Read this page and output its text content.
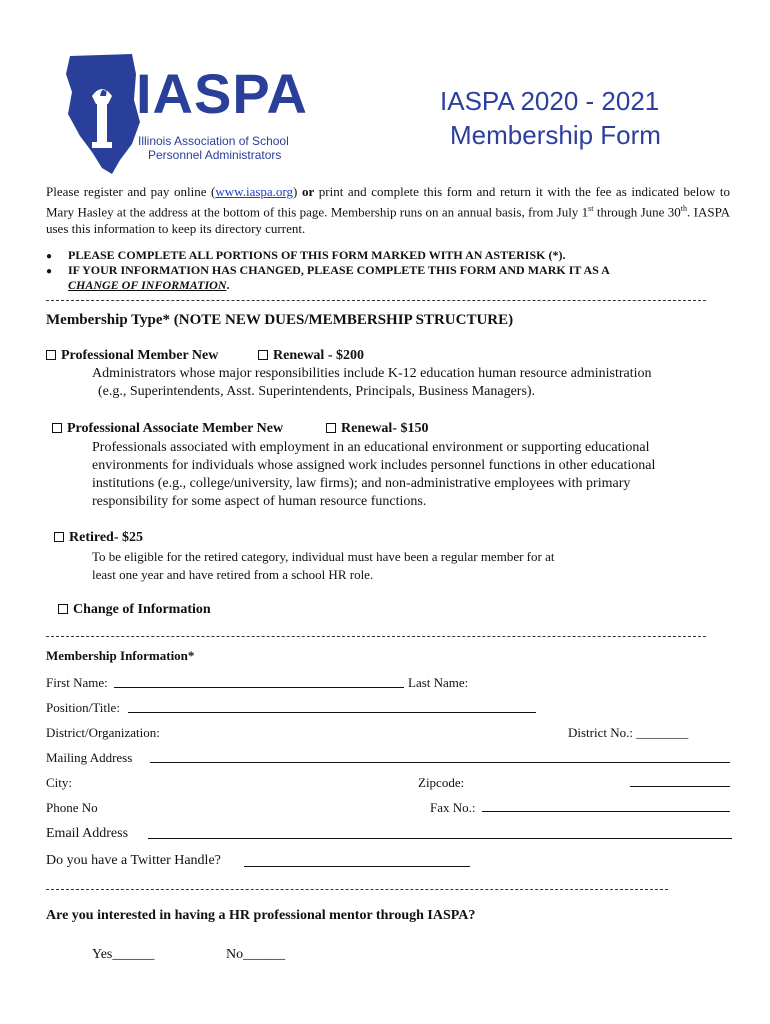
IASPA
Illinois Association of School
Personnel Administrators
IASPA 2020 - 2021
Membership Form
Please register and pay online (www.iaspa.org) or print and complete this form and return it with the fee as indicated below to Mary Hasley at the address at the bottom of this page. Membership runs on an annual basis, from July 1st through June 30th. IASPA uses this information to keep its directory current.
● PLEASE COMPLETE ALL PORTIONS OF THIS FORM MARKED WITH AN ASTERISK (*).
● IF YOUR INFORMATION HAS CHANGED, PLEASE COMPLETE THIS FORM AND MARK IT AS A
CHANGE OF INFORMATION.
Membership Type* (NOTE NEW DUES/MEMBERSHIP STRUCTURE)
Professional Member New	Renewal - $200
Administrators whose major responsibilities include K-12 education human resource administration
(e.g., Superintendents, Asst. Superintendents, Principals, Business Managers).
Professional Associate Member New	Renewal- $150
Professionals associated with employment in an educational environment or supporting educational
environments for individuals whose assigned work includes personnel functions in other educational
institutions (e.g., college/university, law firms); and non-administrative employees with primary
responsibility for some aspect of human resource functions.
Retired- $25
To be eligible for the retired category, individual must have been a regular member for at
least one year and have retired from a school HR role.
Change of Information
Membership Information*
First Name:	Last Name:
Position/Title:
District/Organization:	District No.: ________
Mailing Address
City:	Zipcode:
Phone No	Fax No.:
Email Address
Do you have a Twitter Handle?
Are you interested in having a HR professional mentor through IASPA?
Yes______	No______
